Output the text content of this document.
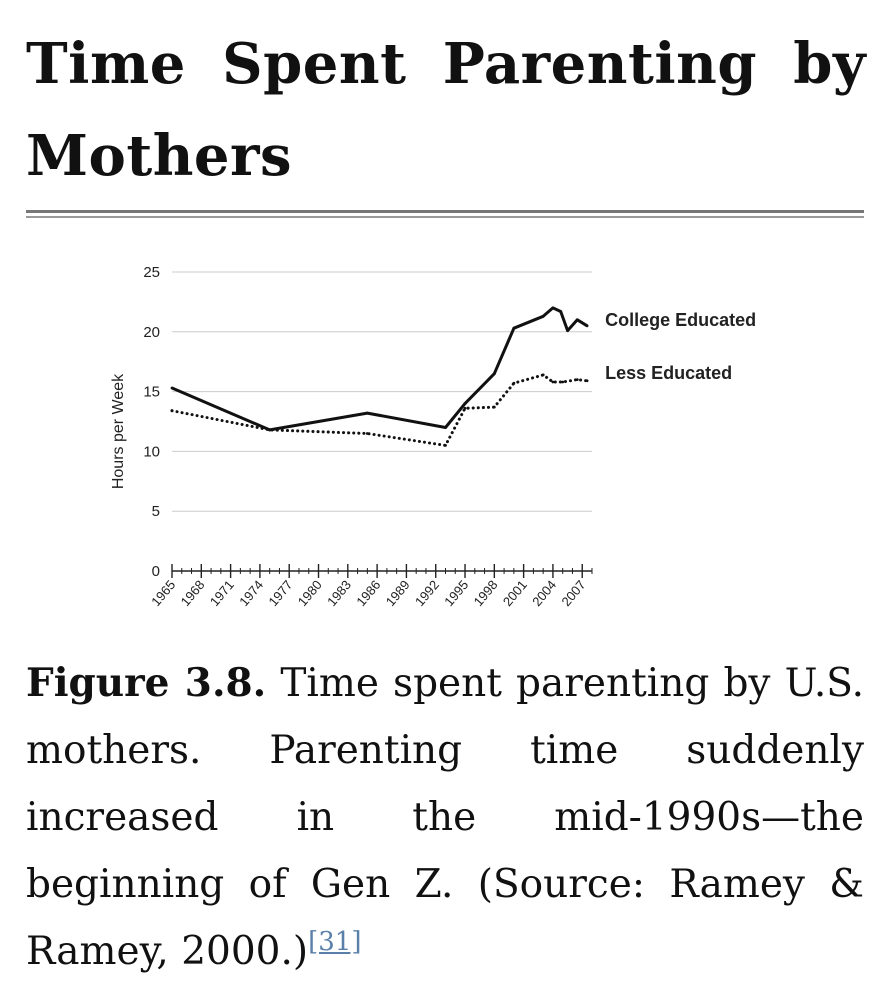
Time Spent Parenting by Mothers
0
5
10
15
20
25
1965 1968 1971 1974 1977 1980 1983 1986 1989 1992 1995 1998 2001 2004 2007
Hours per Week
College Educated
Less Educated

Figure 3.8. Time spent parenting by U.S. mothers. Parenting time suddenly increased in the mid-1990s—the beginning of Gen Z. (Source: Ramey & Ramey, 2000.)[31]
